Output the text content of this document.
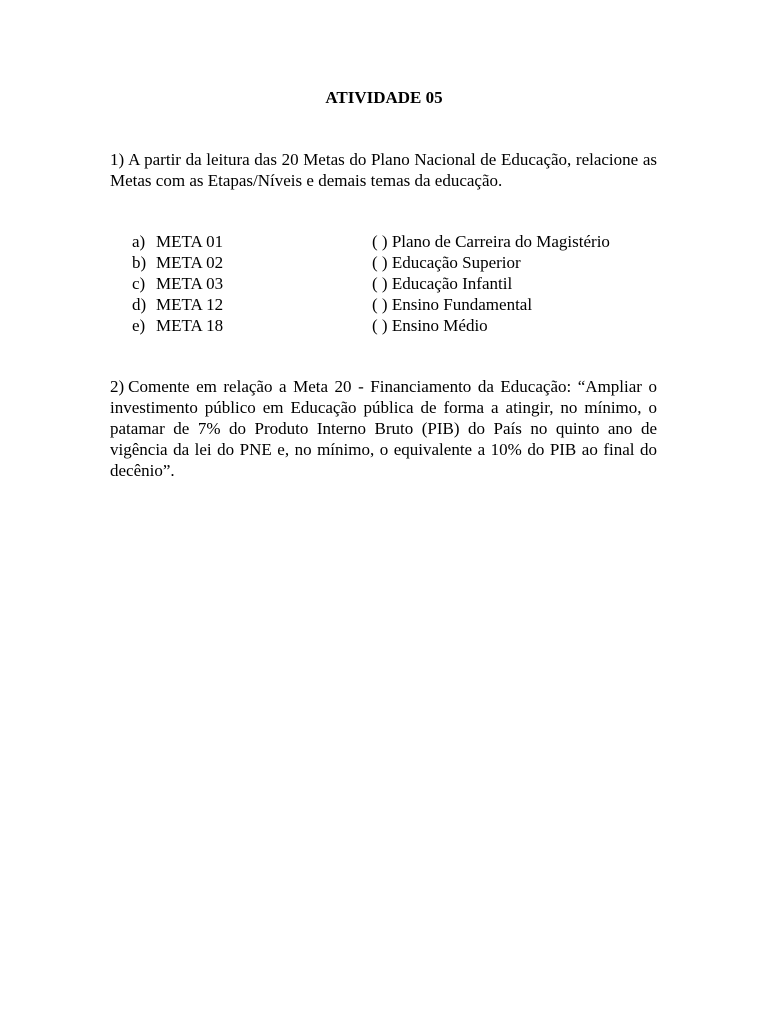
ATIVIDADE 05
1) A partir da leitura das 20 Metas do Plano Nacional de Educação, relacione as Metas com as Etapas/Níveis e demais temas da educação.
a) META 01
b) META 02
c) META 03
d) META 12
e) META 18
( ) Plano de Carreira do Magistério
( ) Educação Superior
( ) Educação Infantil
( ) Ensino Fundamental
( ) Ensino Médio
2) Comente em relação a Meta 20 - Financiamento da Educação: “Ampliar o investimento público em Educação pública de forma a atingir, no mínimo, o patamar de 7% do Produto Interno Bruto (PIB) do País no quinto ano de vigência da lei do PNE e, no mínimo, o equivalente a 10% do PIB ao final do decênio”.
